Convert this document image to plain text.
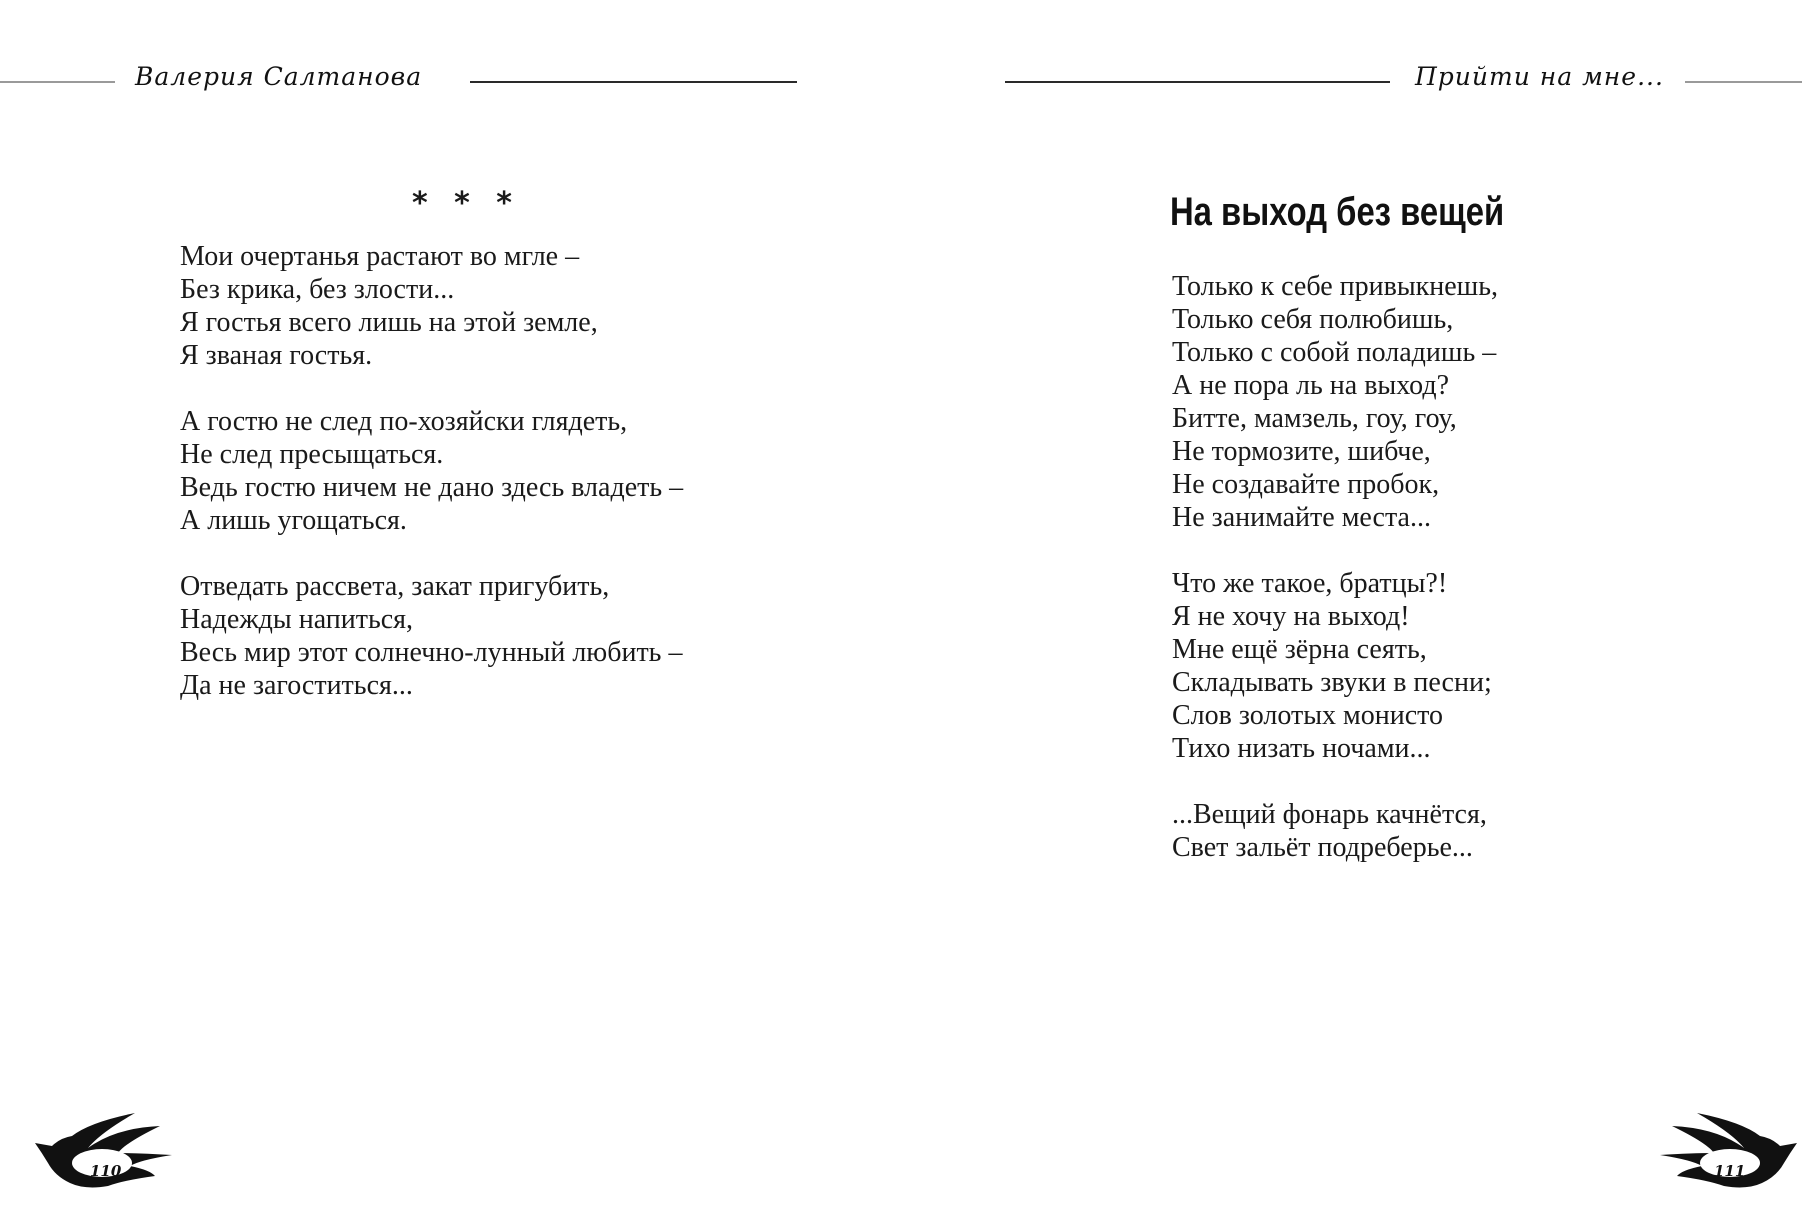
Валерия Салтанова	Прийти на мне...
* * *
Мои очертанья растают во мгле –
Без крика, без злости...
Я гостья всего лишь на этой земле,
Я званая гостья.
А гостю не след по-хозяйски глядеть,
Не след пресыщаться.
Ведь гостю ничем не дано здесь владеть –
А лишь угощаться.
Отведать рассвета, закат пригубить,
Надежды напиться,
Весь мир этот солнечно-лунный любить –
Да не загоститься...
На выход без вещей
Только к себе привыкнешь,
Только себя полюбишь,
Только с собой поладишь –
А не пора ль на выход?
Битте, мамзель, гоу, гоу,
Не тормозите, шибче,
Не создавайте пробок,
Не занимайте места...
Что же такое, братцы?!
Я не хочу на выход!
Мне ещё зёрна сеять,
Складывать звуки в песни;
Слов золотых монисто
Тихо низать ночами...
...Вещий фонарь качнётся,
Свет зальёт подреберье...
110	111
